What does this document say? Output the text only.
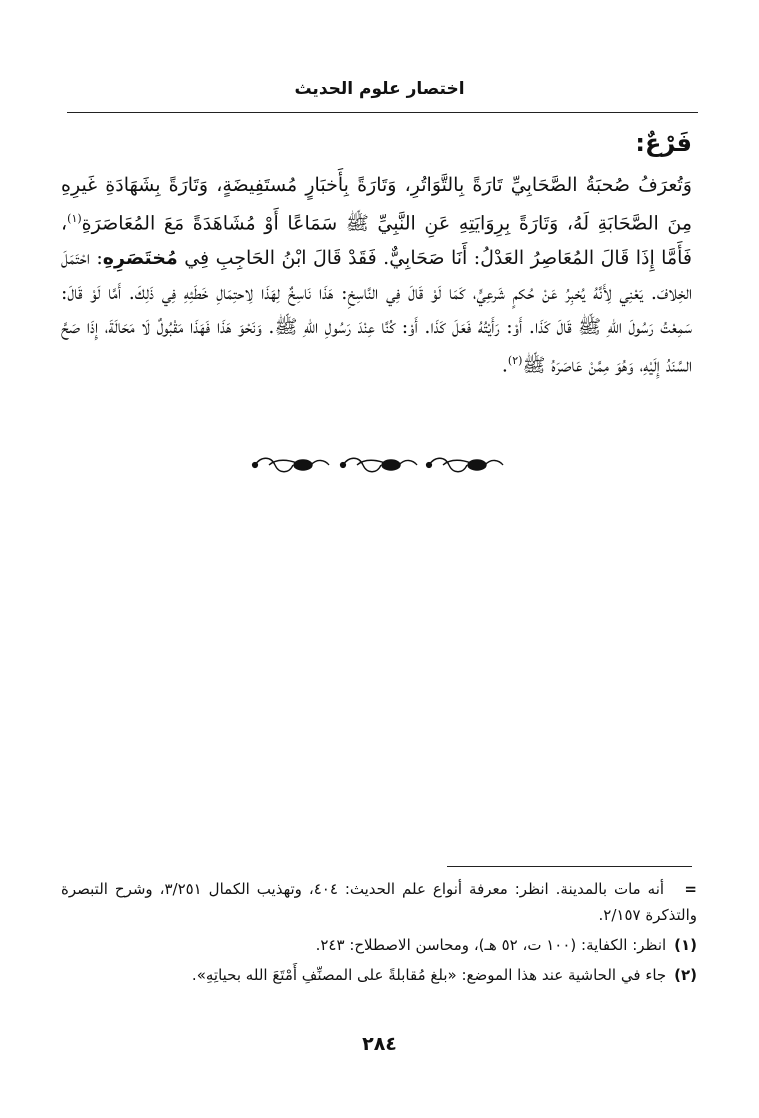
اختصار علوم الحديث
فَرْعٌ:
وَتُعرَفُ صُحبَةُ الصَّحَابِيِّ تَارَةً بِالتَّوَاتُرِ، وَتَارَةً بِأَخبَارٍ مُستَفِيضَةٍ، وَتَارَةً بِشَهَادَةِ غَيرِهِ مِنَ الصَّحَابَةِ لَهُ، وَتَارَةً بِرِوَايَتِهِ عَنِ النَّبِيِّ ﷺ سَمَاعًا أَوْ مُشَاهَدَةً مَعَ المُعَاصَرَةِ$^{(١)}$، فَأَمَّا إِذَا قَالَ المُعَاصِرُ العَدْلُ: أَنَا صَحَابِيٌّ. فَقَدْ قَالَ ابْنُ الحَاجِبِ فِي مُختَصَرِهِ: احْتَمَلَ الخِلافَ. يَعْنِي لِأَنَّهُ يُخبِرُ عَنْ حُكمٍ شَرعِيٍّ، كَمَا لَوْ قَالَ فِي النَّاسِخِ: هَذَا نَاسِخٌ لِهَذَا لِاحتِمَالِ خَطَئِهِ فِي ذَلِكَ. أَمَّا لَوْ قَالَ: سَمِعْتُ رَسُولَ اللهِ ﷺ قَالَ كَذَا. أَوْ: رَأَيْتُهُ فَعَلَ كَذَا. أَوْ: كُنَّا عِنْدَ رَسُولِ اللهِ ﷺ. وَنَحْوَ هَذَا فَهَذَا مَقْبُولٌ لَا مَحَالَةَ، إِذَا صَحَّ السَّنَدُ إِلَيْهِ، وَهُوَ مِمَّنْ عَاصَرَهُ ﷺ$^{(٢)}$.

= أنه مات بالمدينة. انظر: معرفة أنواع علم الحديث: ٤٠٤، وتهذيب الكمال ٣/٢٥١، وشرح التبصرة والتذكرة ٢/١٥٧.

(١) انظر: الكفاية: (١٠٠ ت، ٥٢ هـ)، ومحاسن الاصطلاح: ٢٤٣.

(٢) جاء في الحاشية عند هذا الموضع: «بلغ مُقابلةً على المصنِّفِ أَمْتَعَ الله بحياتِهِ».

٢٨٤
